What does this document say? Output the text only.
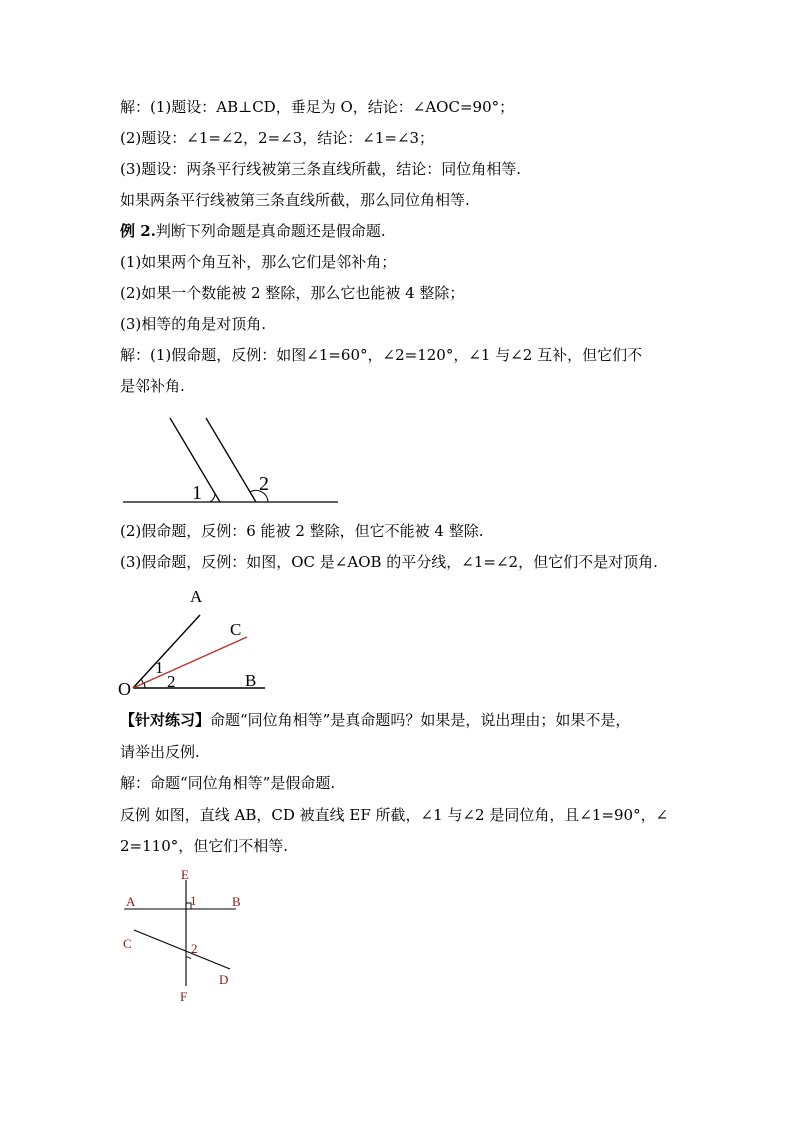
解：(1)题设：AB⊥CD，垂足为 O，结论：∠AOC=90°；
(2)题设：∠1=∠2，2=∠3，结论：∠1=∠3；
(3)题设：两条平行线被第三条直线所截，结论：同位角相等.
如果两条平行线被第三条直线所截，那么同位角相等.
例 2.判断下列命题是真命题还是假命题.
(1)如果两个角互补，那么它们是邻补角；
(2)如果一个数能被 2 整除，那么它也能被 4 整除；
(3)相等的角是对顶角.
解：(1)假命题，反例：如图∠1=60°，∠2=120°，∠1 与∠2 互补，但它们不
是邻补角.
1	2
(2)假命题，反例：6 能被 2 整除，但它不能被 4 整除.
(3)假命题，反例：如图，OC 是∠AOB 的平分线，∠1=∠2，但它们不是对顶角.
A
C
O	B
1
2
【针对练习】命题“同位角相等”是真命题吗？如果是，说出理由；如果不是，
请举出反例.
解：命题“同位角相等”是假命题.
反例 如图，直线 AB，CD 被直线 EF 所截，∠1 与∠2 是同位角，且∠1=90°，∠
2=110°，但它们不相等.
E
A	1	B
C	2
D
F
